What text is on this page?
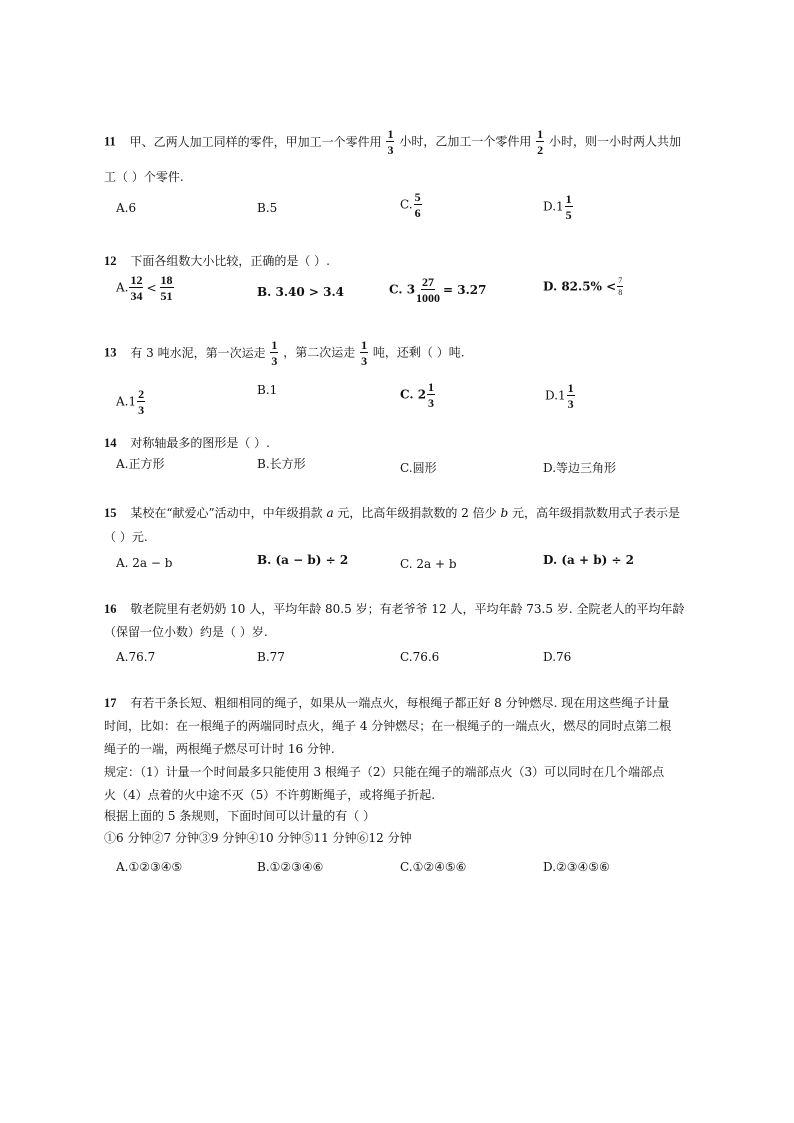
11 甲、乙两人加工同样的零件，甲加工一个零件用 $\frac{1}{3}$ 小时，乙加工一个零件用 $\frac{1}{2}$ 小时，则一小时两人共加
工（ ）个零件.
A.6	B.5	C. $\frac{5}{6}$	$D.1 \frac{1}{5}$
12 下面各组数大小比较，正确的是（ ）.
A. $\frac{12}{34} < \frac{18}{51}$	B. 3.40 > 3.4	C. $3 \frac{27}{1000} = 3.27$	D. $82.5\% < \frac{7}{8}$
13 有 3 吨水泥，第一次运走 $\frac{1}{3}$ ，第二次运走 $\frac{1}{3}$ 吨，还剩（ ）吨.
$A.1 \frac{2}{3}$	B.1	C. $2 \frac{1}{3}$	$D.1 \frac{1}{3}$
14 对称轴最多的图形是（ ）.
A.正方形	B.长方形	C.圆形	D.等边三角形
15 某校在“献爱心”活动中，中年级捐款 a 元，比高年级捐款数的 2 倍少 b 元，高年级捐款数用式子表示是
（ ）元.
A. 2a − b	B. (a − b) ÷ 2	C. 2a + b	D. (a + b) ÷ 2
16 敬老院里有老奶奶 10 人，平均年龄 80.5 岁；有老爷爷 12 人，平均年龄 73.5 岁. 全院老人的平均年龄
（保留一位小数）约是（ ）岁.
A.76.7	B.77	C.76.6	D.76
17 有若干条长短、粗细相同的绳子，如果从一端点火，每根绳子都正好 8 分钟燃尽. 现在用这些绳子计量
时间，比如：在一根绳子的两端同时点火，绳子 4 分钟燃尽；在一根绳子的一端点火，燃尽的同时点第二根
绳子的一端，两根绳子燃尽可计时 16 分钟.
规定：（1）计量一个时间最多只能使用 3 根绳子（2）只能在绳子的端部点火（3）可以同时在几个端部点
火（4）点着的火中途不灭（5）不许剪断绳子，或将绳子折起.
根据上面的 5 条规则，下面时间可以计量的有（ ）
①6 分钟②7 分钟③9 分钟④10 分钟⑤11 分钟⑥12 分钟
A.①②③④⑤	B.①②③④⑥	C.①②④⑤⑥	D.②③④⑤⑥
